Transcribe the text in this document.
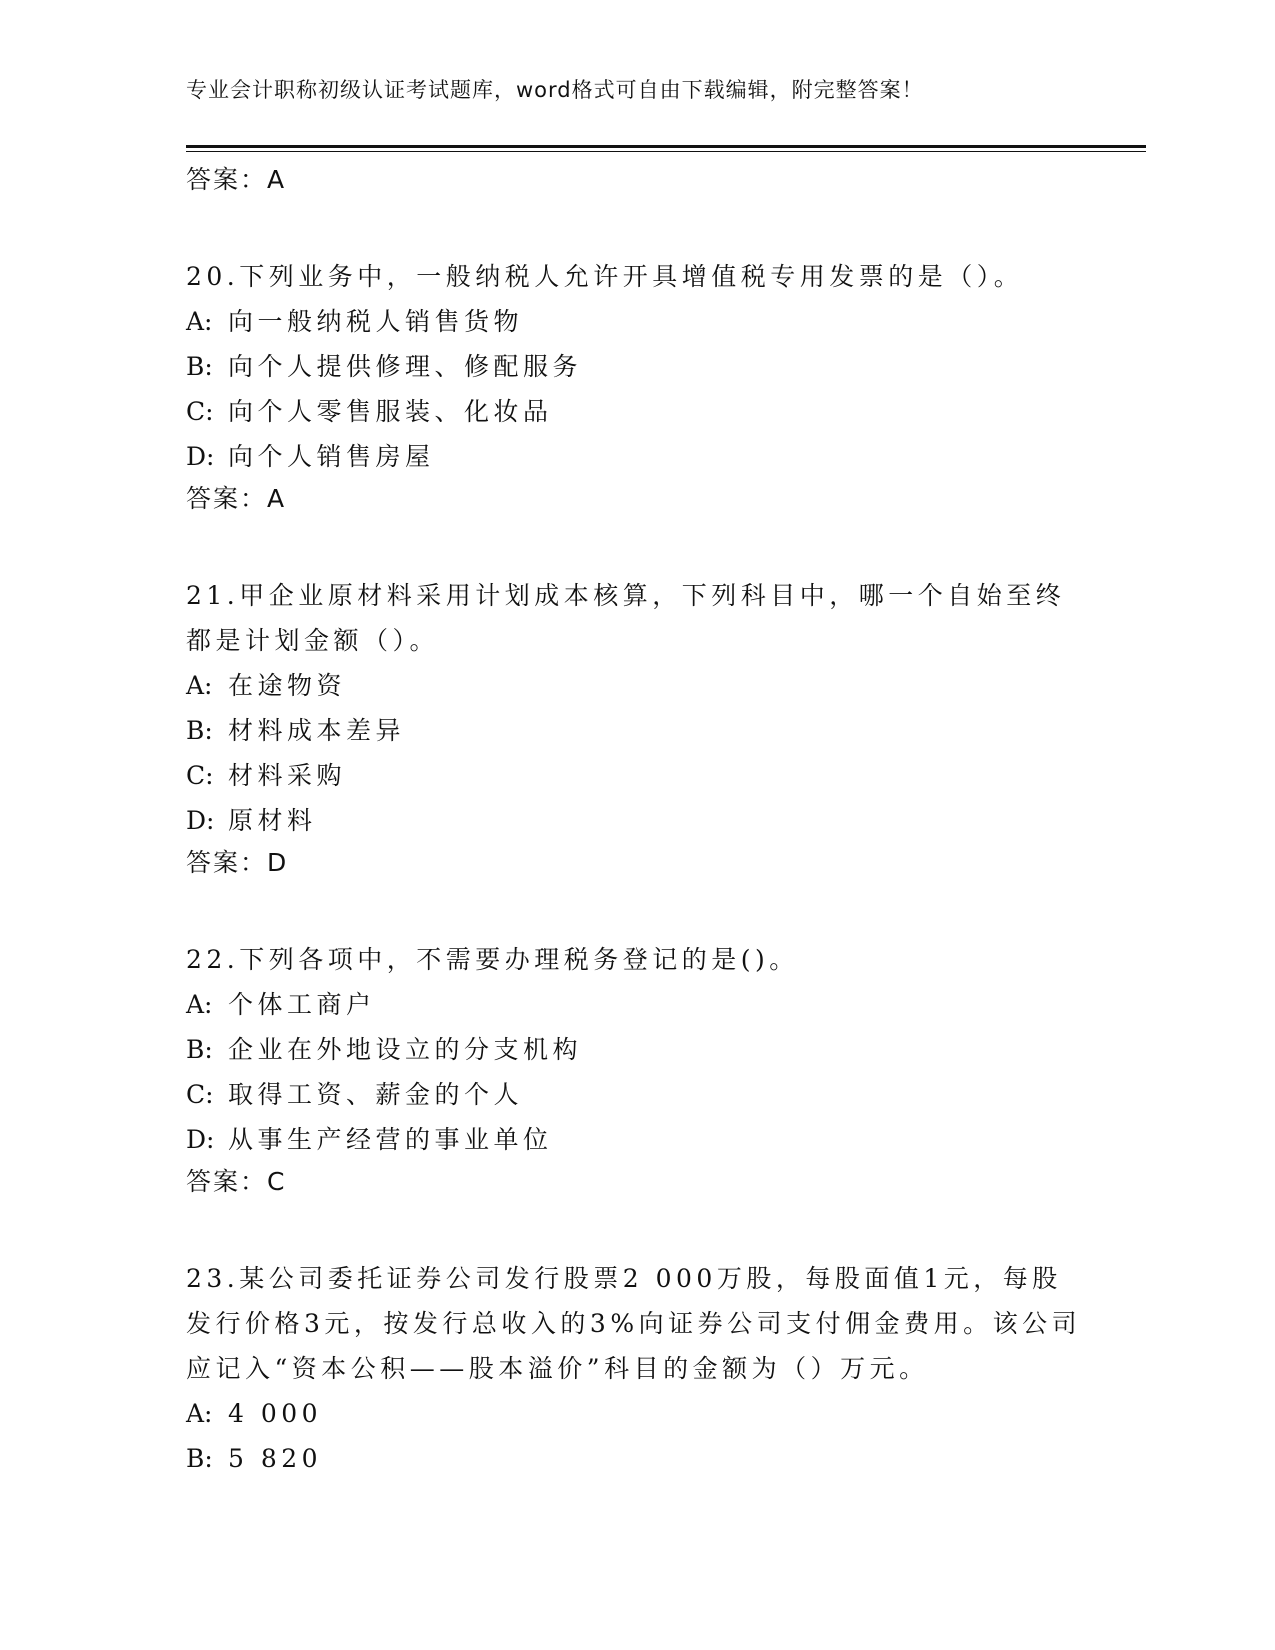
专业会计职称初级认证考试题库，word格式可自由下载编辑，附完整答案！
答案：A
20.下列业务中，一般纳税人允许开具增值税专用发票的是（）。
A: 向一般纳税人销售货物
B: 向个人提供修理、修配服务
C: 向个人零售服装、化妆品
D: 向个人销售房屋
答案：A
21.甲企业原材料采用计划成本核算，下列科目中，哪一个自始至终都是计划金额（）。
A: 在途物资
B: 材料成本差异
C: 材料采购
D: 原材料
答案：D
22.下列各项中，不需要办理税务登记的是()。
A: 个体工商户
B: 企业在外地设立的分支机构
C: 取得工资、薪金的个人
D: 从事生产经营的事业单位
答案：C
23.某公司委托证券公司发行股票2 000万股，每股面值1元，每股发行价格3元，按发行总收入的3%向证券公司支付佣金费用。该公司应记入“资本公积——股本溢价”科目的金额为（）万元。
A: 4 000
B: 5 820
